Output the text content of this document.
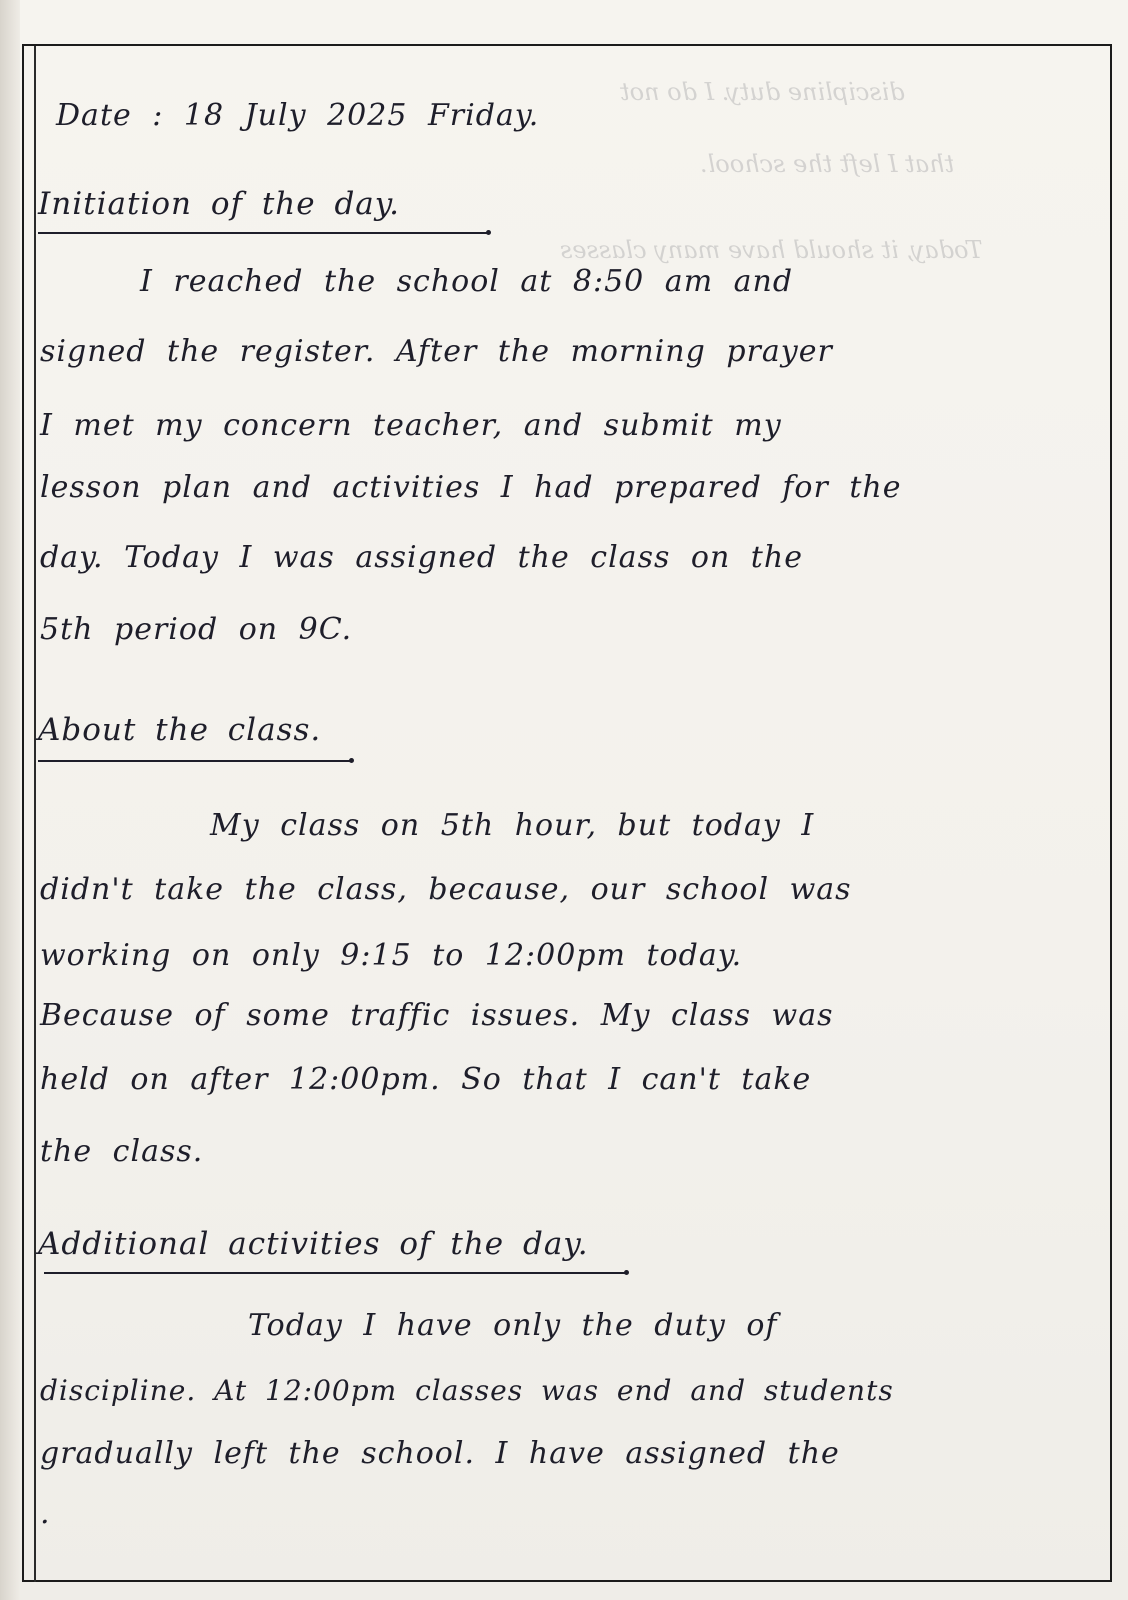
discipline duty. I do not
that I left the school.
Today, it should have many classes
Date : 18 July 2025 Friday.
Initiation of the day.
I reached the school at 8:50 am and
signed the register. After the morning prayer
I met my concern teacher, and submit my
lesson plan and activities I had prepared for the
day. Today I was assigned the class on the
5th period on 9C.
About the class.
My class on 5th hour, but today I
didn't take the class, because, our school was
working on only 9:15 to 12:00pm today.
Because of some traffic issues. My class was
held on after 12:00pm. So that I can't take
the class.
Additional activities of the day.
Today I have only the duty of
discipline. At 12:00pm classes was end and students
gradually left the school. I have assigned the
.
